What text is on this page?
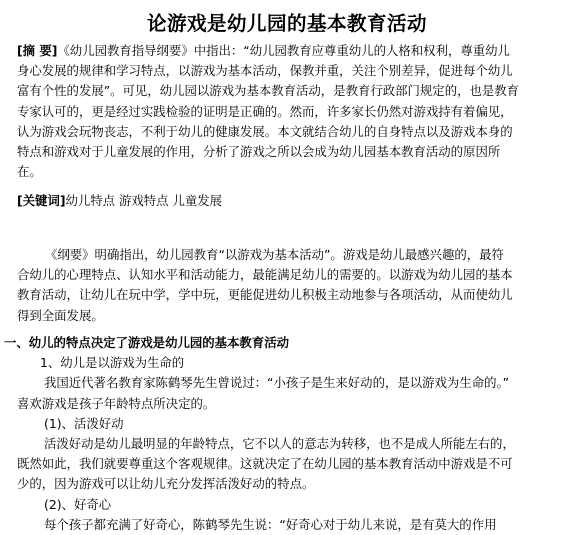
论游戏是幼儿园的基本教育活动

[摘 要]《幼儿园教育指导纲要》中指出：“幼儿园教育应尊重幼儿的人格和权利，尊重幼儿

身心发展的规律和学习特点，以游戏为基本活动，保教并重，关注个别差异，促进每个幼儿

富有个性的发展”。可见，幼儿园以游戏为基本教育活动，是教育行政部门规定的，也是教育

专家认可的，更是经过实践检验的证明是正确的。然而，许多家长仍然对游戏持有着偏见，

认为游戏会玩物丧志，不利于幼儿的健康发展。本文就结合幼儿的自身特点以及游戏本身的

特点和游戏对于儿童发展的作用，分析了游戏之所以会成为幼儿园基本教育活动的原因所

在。

[关键词]幼儿特点 游戏特点 儿童发展

《纲要》明确指出，幼儿园教育“以游戏为基本活动”。游戏是幼儿最感兴趣的，最符

合幼儿的心理特点、认知水平和活动能力，最能满足幼儿的需要的。以游戏为幼儿园的基本

教育活动，让幼儿在玩中学，学中玩，更能促进幼儿积极主动地参与各项活动，从而使幼儿

得到全面发展。

一、幼儿的特点决定了游戏是幼儿园的基本教育活动

1、幼儿是以游戏为生命的

我国近代著名教育家陈鹤琴先生曾说过：“小孩子是生来好动的，是以游戏为生命的。”

喜欢游戏是孩子年龄特点所决定的。

(1)、活泼好动

活泼好动是幼儿最明显的年龄特点，它不以人的意志为转移，也不是成人所能左右的，

既然如此，我们就要尊重这个客观规律。这就决定了在幼儿园的基本教育活动中游戏是不可

少的，因为游戏可以让幼儿充分发挥活泼好动的特点。

(2)、好奇心

每个孩子都充满了好奇心，陈鹤琴先生说：“好奇心对于幼儿来说，是有莫大的作用
